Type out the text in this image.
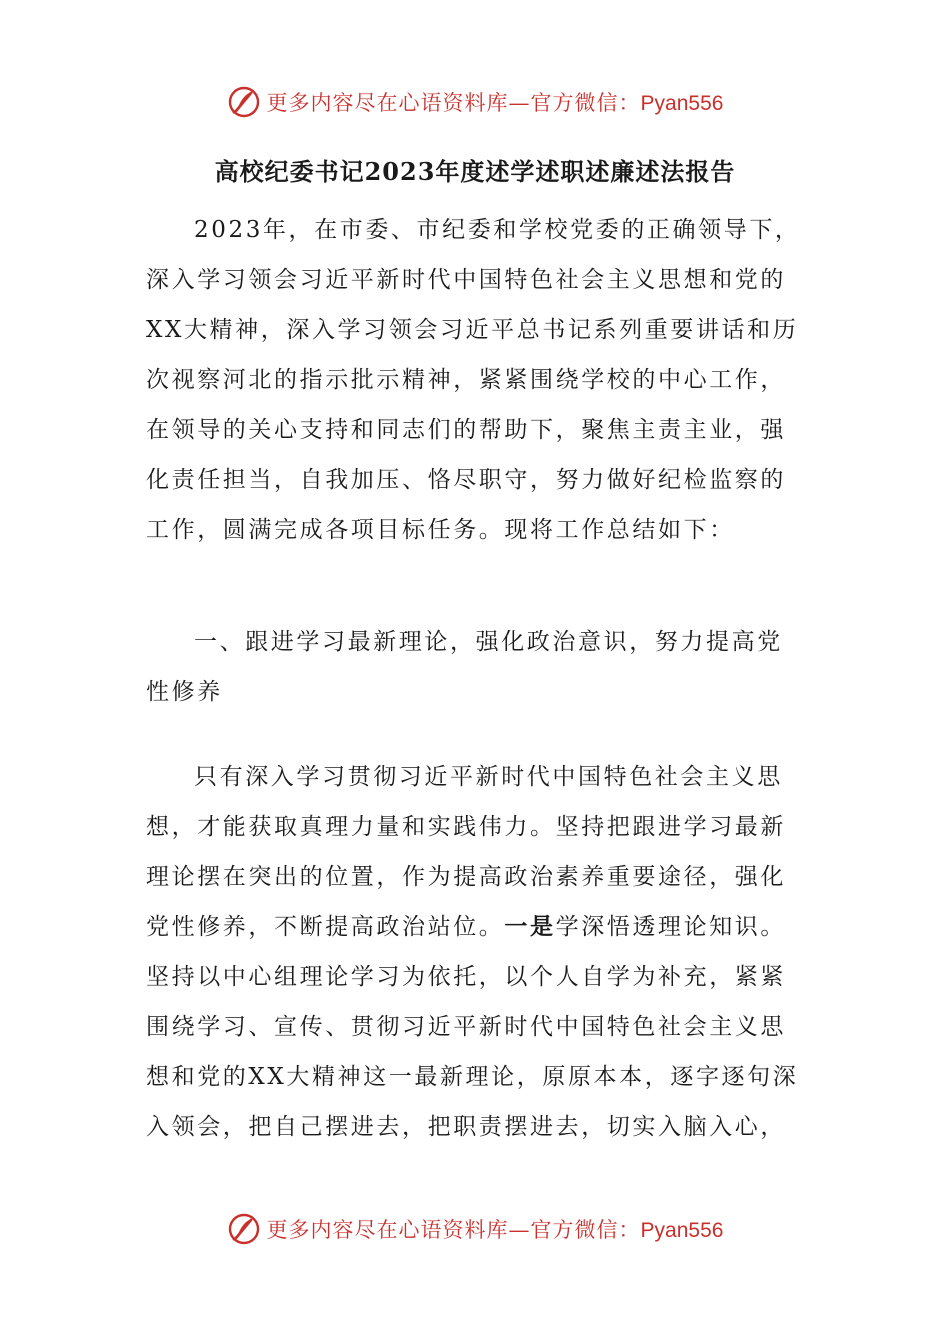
更多内容尽在心语资料库—官方微信：Pyan556
高校纪委书记2023年度述学述职述廉述法报告
2023年，在市委、市纪委和学校党委的正确领导下，
深入学习领会习近平新时代中国特色社会主义思想和党的
XX大精神，深入学习领会习近平总书记系列重要讲话和历
次视察河北的指示批示精神，紧紧围绕学校的中心工作，
在领导的关心支持和同志们的帮助下，聚焦主责主业，强
化责任担当，自我加压、恪尽职守，努力做好纪检监察的
工作，圆满完成各项目标任务。现将工作总结如下：
一、跟进学习最新理论，强化政治意识，努力提高党
性修养
只有深入学习贯彻习近平新时代中国特色社会主义思
想，才能获取真理力量和实践伟力。坚持把跟进学习最新
理论摆在突出的位置，作为提高政治素养重要途径，强化
党性修养，不断提高政治站位。一是学深悟透理论知识。
坚持以中心组理论学习为依托，以个人自学为补充，紧紧
围绕学习、宣传、贯彻习近平新时代中国特色社会主义思
想和党的XX大精神这一最新理论，原原本本，逐字逐句深
入领会，把自己摆进去，把职责摆进去，切实入脑入心，
更多内容尽在心语资料库—官方微信：Pyan556
